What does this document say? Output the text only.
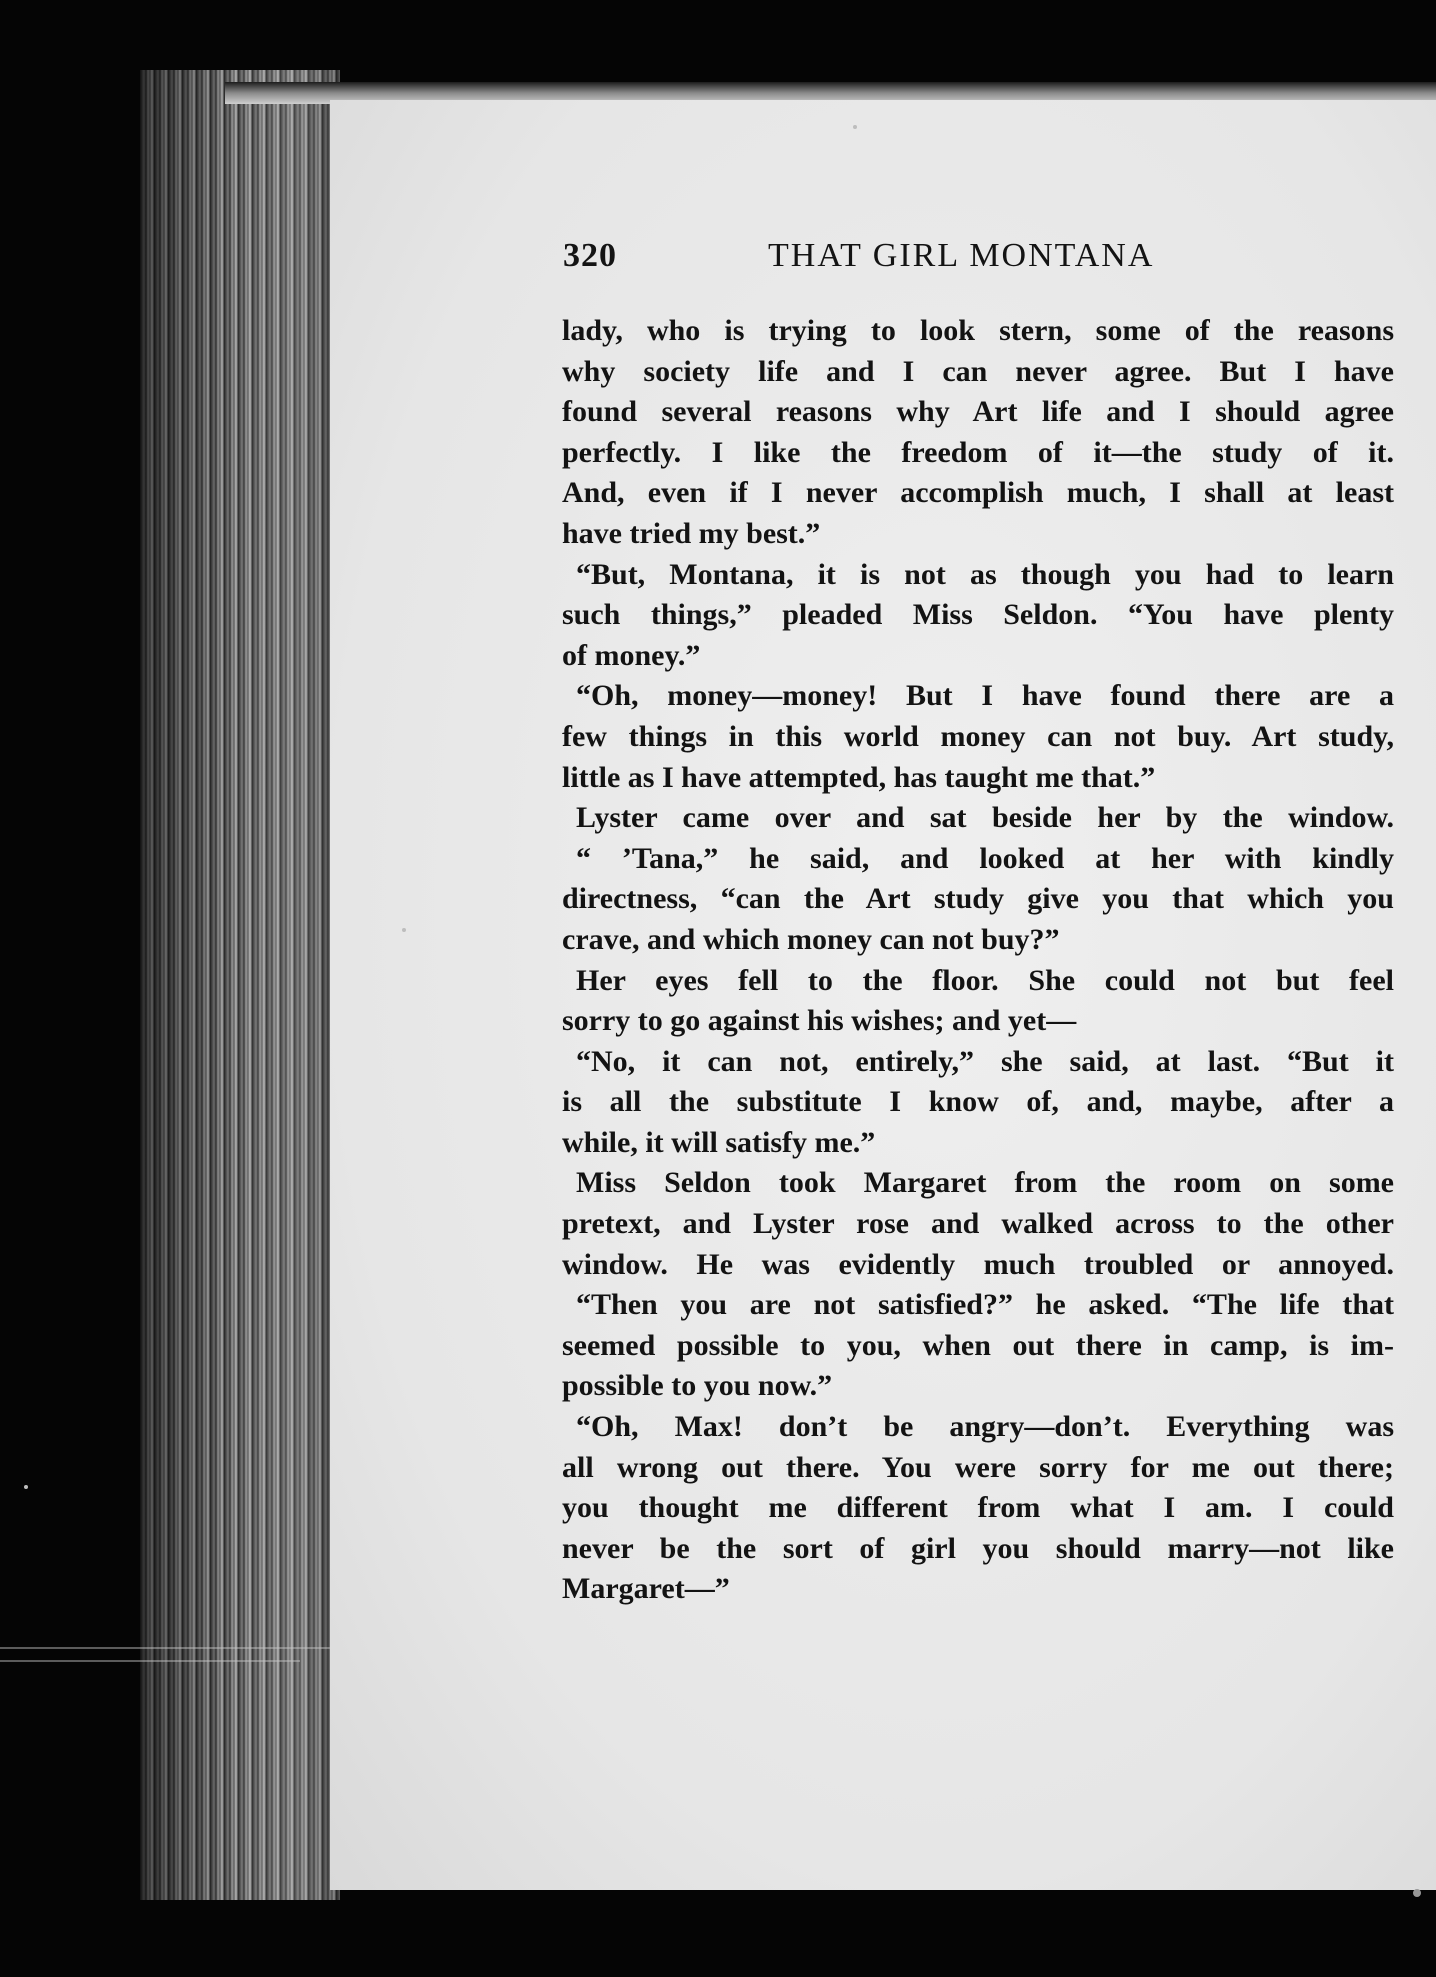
320	THAT GIRL MONTANA
lady, who is trying to look stern, some of the reasons
why society life and I can never agree. But I have
found several reasons why Art life and I should agree
perfectly. I like the freedom of it—the study of it.
And, even if I never accomplish much, I shall at least
have tried my best.”
“But, Montana, it is not as though you had to learn
such things,” pleaded Miss Seldon. “You have plenty
of money.”
“Oh, money—money! But I have found there are a
few things in this world money can not buy. Art study,
little as I have attempted, has taught me that.”
Lyster came over and sat beside her by the window.
“ ’Tana,” he said, and looked at her with kindly
directness, “can the Art study give you that which you
crave, and which money can not buy?”
Her eyes fell to the floor. She could not but feel
sorry to go against his wishes; and yet—
“No, it can not, entirely,” she said, at last. “But it
is all the substitute I know of, and, maybe, after a
while, it will satisfy me.”
Miss Seldon took Margaret from the room on some
pretext, and Lyster rose and walked across to the other
window. He was evidently much troubled or annoyed.
“Then you are not satisfied?” he asked. “The life that
seemed possible to you, when out there in camp, is im-
possible to you now.”
“Oh, Max! don’t be angry—don’t. Everything was
all wrong out there. You were sorry for me out there;
you thought me different from what I am. I could
never be the sort of girl you should marry—not like
Margaret—”
